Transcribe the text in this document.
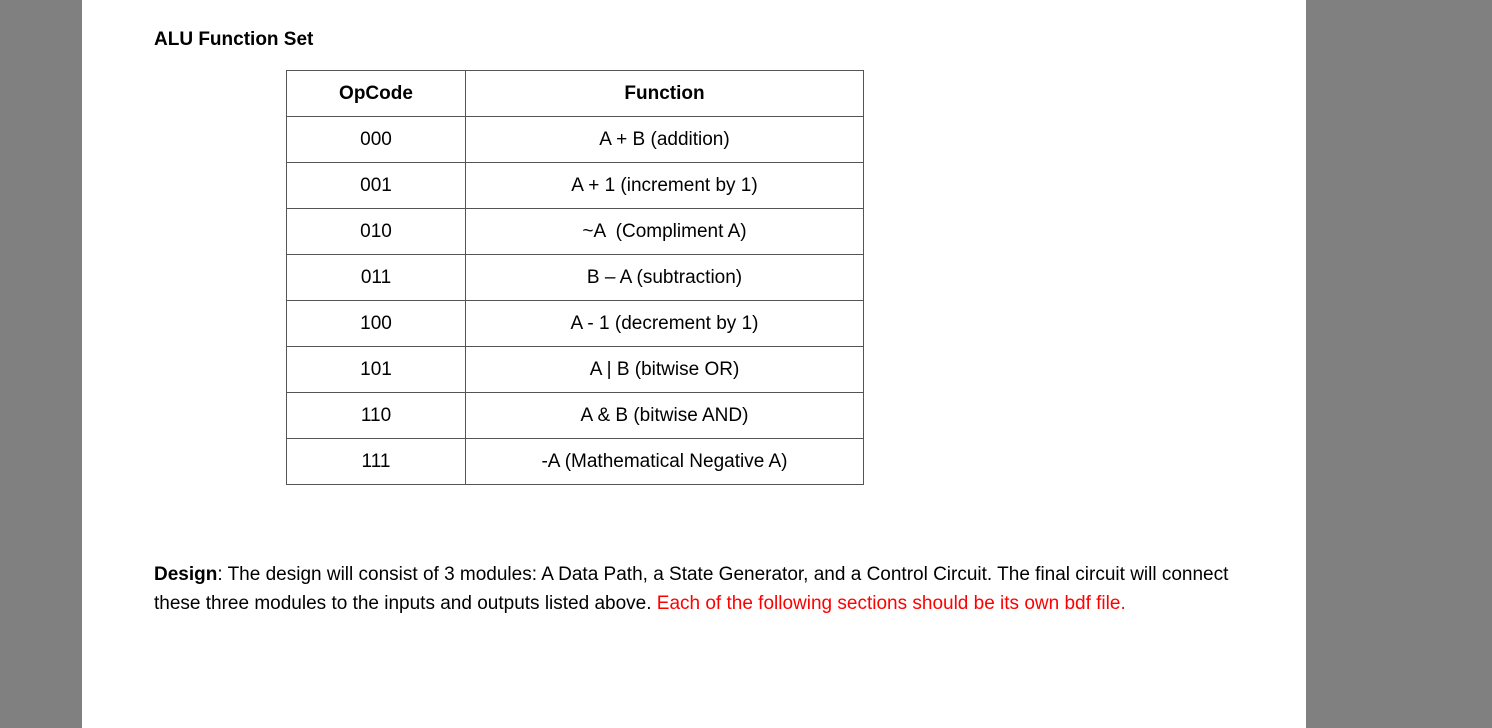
ALU Function Set
OpCode	Function
000	A + B (addition)
001	A + 1 (increment by 1)
010	~A  (Compliment A)
011	B – A (subtraction)
100	A - 1 (decrement by 1)
101	A | B (bitwise OR)
110	A & B (bitwise AND)
111	-A (Mathematical Negative A)

Design: The design will consist of 3 modules: A Data Path, a State Generator, and a Control Circuit. The final circuit will connect these three modules to the inputs and outputs listed above. Each of the following sections should be its own bdf file.
